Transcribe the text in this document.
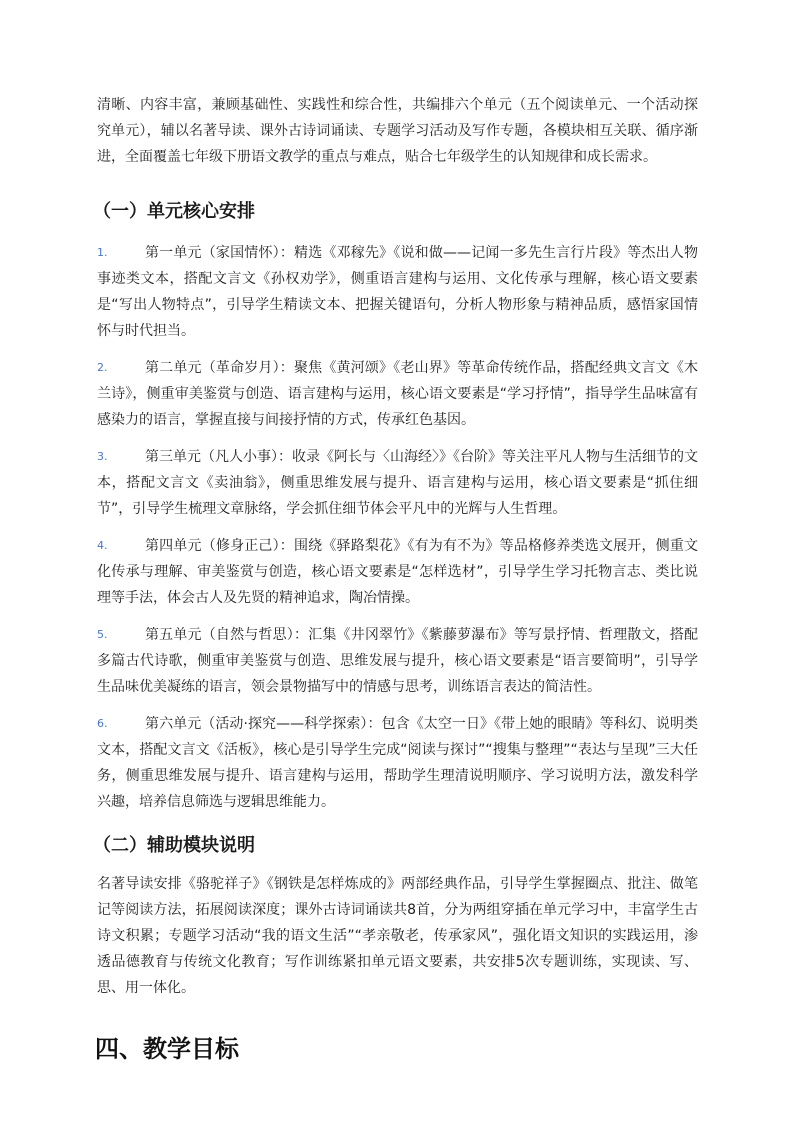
清晰、内容丰富，兼顾基础性、实践性和综合性，共编排六个单元（五个阅读单元、一个活动探究单元），辅以名著导读、课外古诗词诵读、专题学习活动及写作专题，各模块相互关联、循序渐进，全面覆盖七年级下册语文教学的重点与难点，贴合七年级学生的认知规律和成长需求。

（一）单元核心安排
1.	第一单元（家国情怀）：精选《邓稼先》《说和做——记闻一多先生言行片段》等杰出人物事迹类文本，搭配文言文《孙权劝学》，侧重语言建构与运用、文化传承与理解，核心语文要素是“写出人物特点”，引导学生精读文本、把握关键语句，分析人物形象与精神品质，感悟家国情怀与时代担当。
2.	第二单元（革命岁月）：聚焦《黄河颂》《老山界》等革命传统作品，搭配经典文言文《木兰诗》，侧重审美鉴赏与创造、语言建构与运用，核心语文要素是“学习抒情”，指导学生品味富有感染力的语言，掌握直接与间接抒情的方式，传承红色基因。
3.	第三单元（凡人小事）：收录《阿长与〈山海经〉》《台阶》等关注平凡人物与生活细节的文本，搭配文言文《卖油翁》，侧重思维发展与提升、语言建构与运用，核心语文要素是“抓住细节”，引导学生梳理文章脉络，学会抓住细节体会平凡中的光辉与人生哲理。
4.	第四单元（修身正己）：围绕《驿路梨花》《有为有不为》等品格修养类选文展开，侧重文化传承与理解、审美鉴赏与创造，核心语文要素是“怎样选材”，引导学生学习托物言志、类比说理等手法，体会古人及先贤的精神追求，陶冶情操。
5.	第五单元（自然与哲思）：汇集《井冈翠竹》《紫藤萝瀑布》等写景抒情、哲理散文，搭配多篇古代诗歌，侧重审美鉴赏与创造、思维发展与提升，核心语文要素是“语言要简明”，引导学生品味优美凝练的语言，领会景物描写中的情感与思考，训练语言表达的简洁性。
6.	第六单元（活动·探究——科学探索）：包含《太空一日》《带上她的眼睛》等科幻、说明类文本，搭配文言文《活板》，核心是引导学生完成“阅读与探讨”“搜集与整理”“表达与呈现”三大任务，侧重思维发展与提升、语言建构与运用，帮助学生理清说明顺序、学习说明方法，激发科学兴趣，培养信息筛选与逻辑思维能力。
（二）辅助模块说明

名著导读安排《骆驼祥子》《钢铁是怎样炼成的》两部经典作品，引导学生掌握圈点、批注、做笔记等阅读方法，拓展阅读深度；课外古诗词诵读共8首，分为两组穿插在单元学习中，丰富学生古诗文积累；专题学习活动“我的语文生活”“孝亲敬老，传承家风”，强化语文知识的实践运用，渗透品德教育与传统文化教育；写作训练紧扣单元语文要素，共安排5次专题训练，实现读、写、思、用一体化。

四、教学目标
